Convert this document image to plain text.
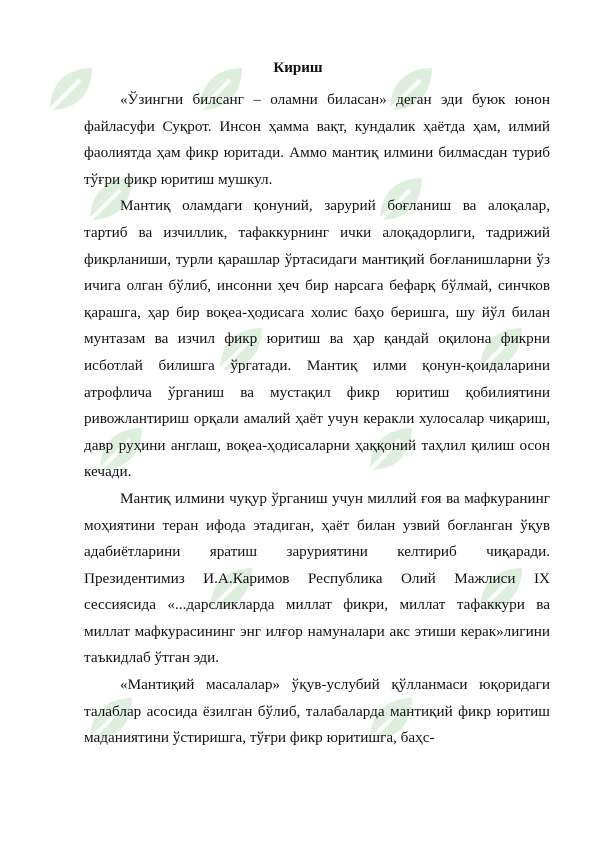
Кириш

«Ўзингни билсанг – оламни биласан» деган эди буюк юнон файласуфи Суқрот. Инсон ҳамма вақт, кундалик ҳаётда ҳам, илмий фаолиятда ҳам фикр юритади. Аммо мантиқ илмини билмасдан туриб тўғри фикр юритиш мушкул.

Мантиқ оламдаги қонуний, зарурий боғланиш ва алоқалар, тартиб ва изчиллик, тафаккурнинг ички алоқадорлиги, тадрижий фикрланиши, турли қарашлар ўртасидаги мантиқий боғланишларни ўз ичига олган бўлиб, инсонни ҳеч бир нарсага бефарқ бўлмай, синчков қарашга, ҳар бир воқеа-ҳодисага холис баҳо беришга, шу йўл билан мунтазам ва изчил фикр юритиш ва ҳар қандай оқилона фикрни исботлай билишга ўргатади. Мантиқ илми қонун-қоидаларини атрофлича ўрганиш ва мустақил фикр юритиш қобилиятини ривожлантириш орқали амалий ҳаёт учун керакли хулосалар чиқариш, давр руҳини англаш, воқеа-ҳодисаларни ҳаққоний таҳлил қилиш осон кечади.

Мантиқ илмини чуқур ўрганиш учун миллий ғоя ва мафкуранинг моҳиятини теран ифода этадиган, ҳаёт билан узвий боғланган ўқув адабиётларини яратиш заруриятини келтириб чиқаради. Президентимиз И.А.Каримов Республика Олий Мажлиси IX сессиясида «...дарсликларда миллат фикри, миллат тафаккури ва миллат мафкурасининг энг илғор намуналари акс этиши керак»лигини таъкидлаб ўтган эди.

«Мантиқий масалалар» ўқув-услубий қўлланмаси юқоридаги талаблар асосида ёзилган бўлиб, талабаларда мантиқий фикр юритиш маданиятини ўстиришга, тўғри фикр юритишга, баҳс-
